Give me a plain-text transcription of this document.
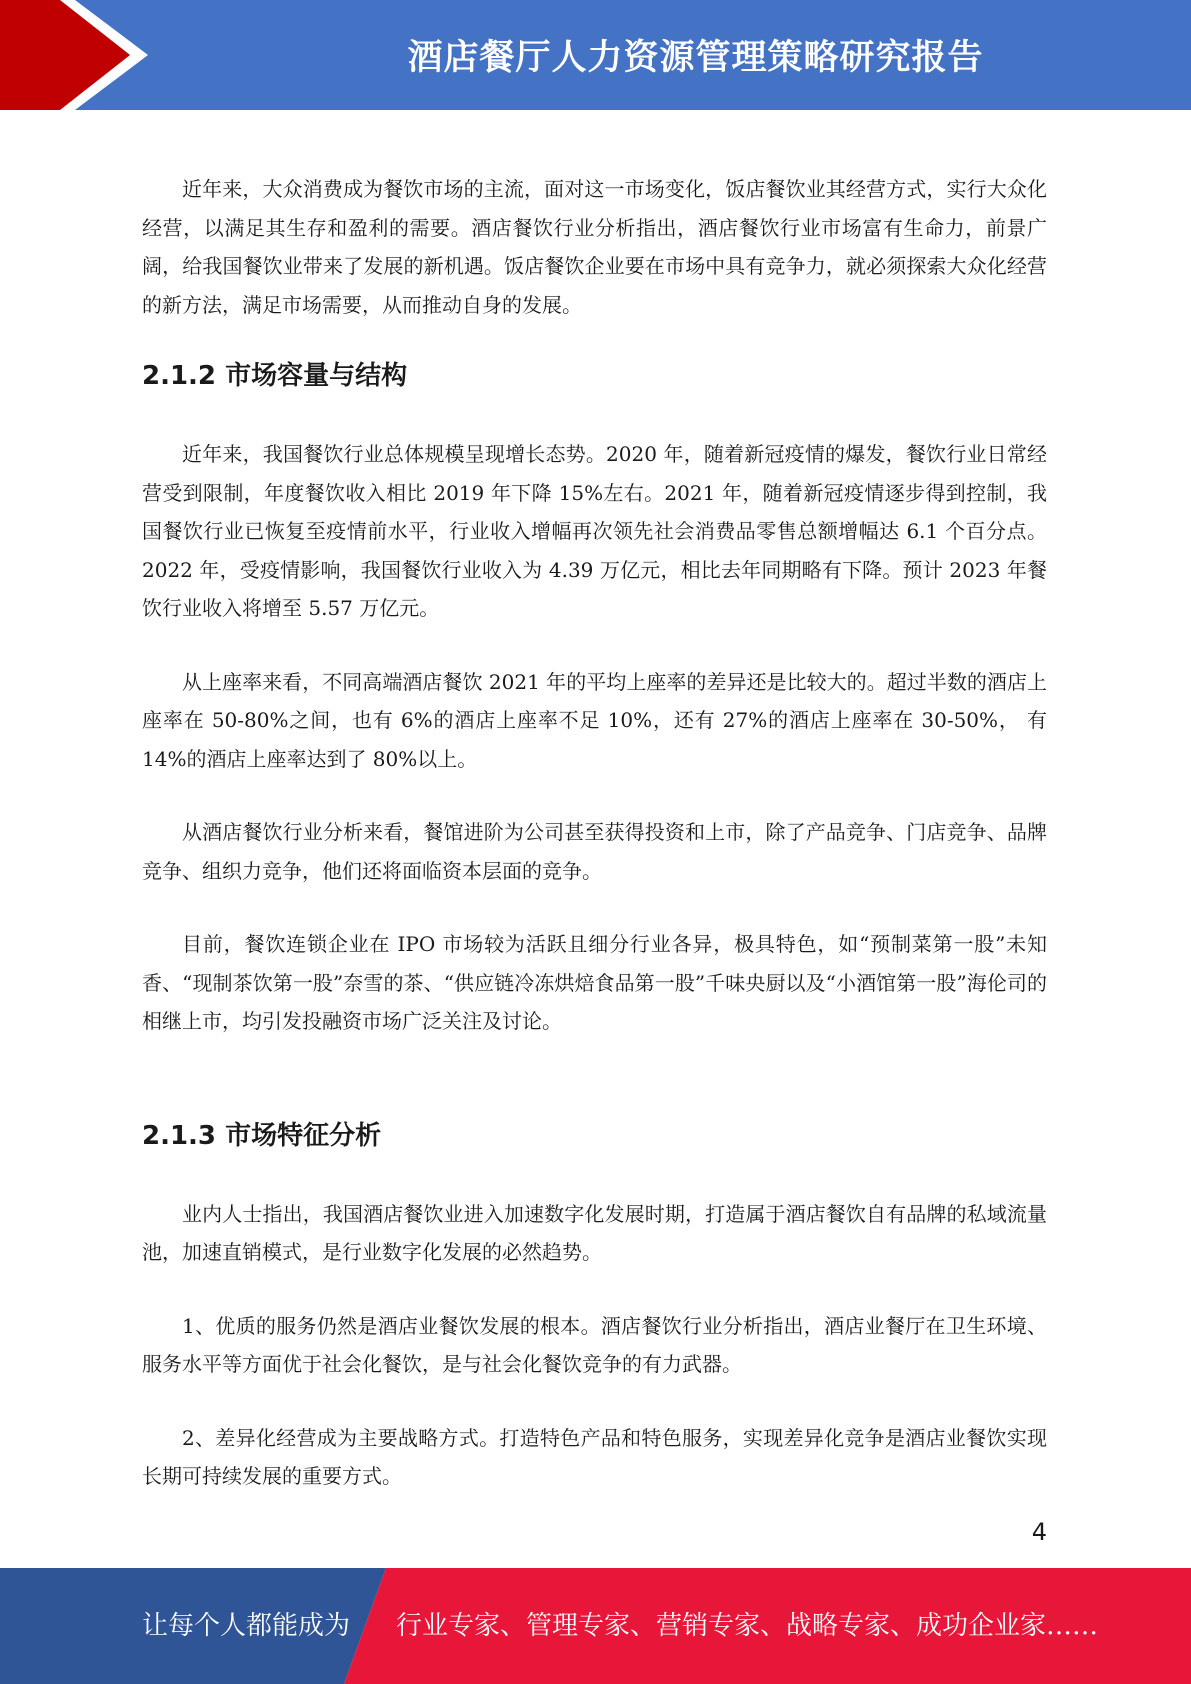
酒店餐厅人力资源管理策略研究报告

近年来，大众消费成为餐饮市场的主流，面对这一市场变化，饭店餐饮业其经营方式，实行大众化经营，以满足其生存和盈利的需要。酒店餐饮行业分析指出，酒店餐饮行业市场富有生命力，前景广阔，给我国餐饮业带来了发展的新机遇。饭店餐饮企业要在市场中具有竞争力，就必须探索大众化经营的新方法，满足市场需要，从而推动自身的发展。

2.1.2 市场容量与结构

近年来，我国餐饮行业总体规模呈现增长态势。2020 年，随着新冠疫情的爆发，餐饮行业日常经营受到限制，年度餐饮收入相比 2019 年下降 15%左右。2021 年，随着新冠疫情逐步得到控制，我国餐饮行业已恢复至疫情前水平，行业收入增幅再次领先社会消费品零售总额增幅达 6.1 个百分点。2022 年，受疫情影响，我国餐饮行业收入为 4.39 万亿元，相比去年同期略有下降。预计 2023 年餐饮行业收入将增至 5.57 万亿元。

从上座率来看，不同高端酒店餐饮 2021 年的平均上座率的差异还是比较大的。超过半数的酒店上座率在 50-80%之间，也有 6%的酒店上座率不足 10%，还有 27%的酒店上座率在 30-50%， 有 14%的酒店上座率达到了 80%以上。

从酒店餐饮行业分析来看，餐馆进阶为公司甚至获得投资和上市，除了产品竞争、门店竞争、品牌竞争、组织力竞争，他们还将面临资本层面的竞争。

目前，餐饮连锁企业在 IPO 市场较为活跃且细分行业各异，极具特色，如“预制菜第一股”未知香、“现制茶饮第一股”奈雪的茶、“供应链冷冻烘焙食品第一股”千味央厨以及“小酒馆第一股”海伦司的相继上市，均引发投融资市场广泛关注及讨论。

2.1.3 市场特征分析

业内人士指出，我国酒店餐饮业进入加速数字化发展时期，打造属于酒店餐饮自有品牌的私域流量池，加速直销模式，是行业数字化发展的必然趋势。

1、优质的服务仍然是酒店业餐饮发展的根本。酒店餐饮行业分析指出，酒店业餐厅在卫生环境、服务水平等方面优于社会化餐饮，是与社会化餐饮竞争的有力武器。

2、差异化经营成为主要战略方式。打造特色产品和特色服务，实现差异化竞争是酒店业餐饮实现长期可持续发展的重要方式。

4
让每个人都能成为 行业专家、管理专家、营销专家、战略专家、成功企业家……
